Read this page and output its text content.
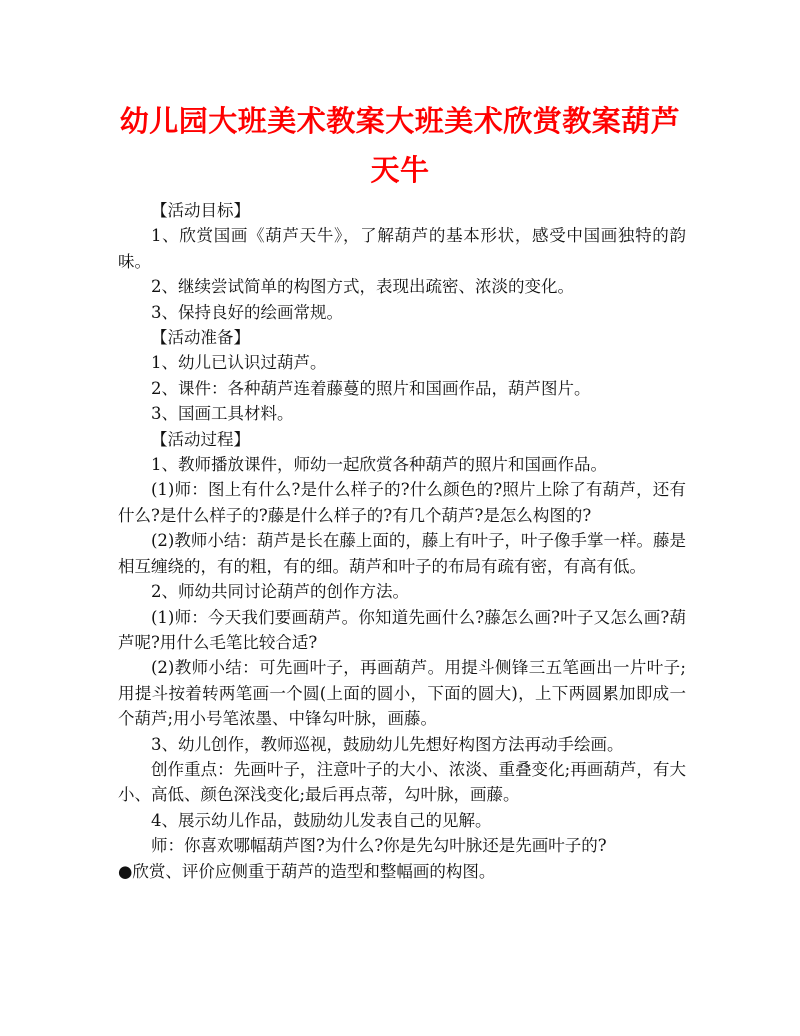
幼儿园大班美术教案大班美术欣赏教案葫芦
天牛

【活动目标】

1、欣赏国画《葫芦天牛》，了解葫芦的基本形状，感受中国画独特的韵味。

2、继续尝试简单的构图方式，表现出疏密、浓淡的变化。

3、保持良好的绘画常规。

【活动准备】

1、幼儿已认识过葫芦。

2、课件：各种葫芦连着藤蔓的照片和国画作品，葫芦图片。

3、国画工具材料。

【活动过程】

1、教师播放课件，师幼一起欣赏各种葫芦的照片和国画作品。

(1)师：图上有什么?是什么样子的?什么颜色的?照片上除了有葫芦，还有什么?是什么样子的?藤是什么样子的?有几个葫芦?是怎么构图的?

(2)教师小结：葫芦是长在藤上面的，藤上有叶子，叶子像手掌一样。藤是相互缠绕的，有的粗，有的细。葫芦和叶子的布局有疏有密，有高有低。

2、师幼共同讨论葫芦的创作方法。

(1)师：今天我们要画葫芦。你知道先画什么?藤怎么画?叶子又怎么画?葫芦呢?用什么毛笔比较合适?

(2)教师小结：可先画叶子，再画葫芦。用提斗侧锋三五笔画出一片叶子;用提斗按着转两笔画一个圆(上面的圆小，下面的圆大)，上下两圆累加即成一个葫芦;用小号笔浓墨、中锋勾叶脉，画藤。

3、幼儿创作，教师巡视，鼓励幼儿先想好构图方法再动手绘画。

创作重点：先画叶子，注意叶子的大小、浓淡、重叠变化;再画葫芦，有大小、高低、颜色深浅变化;最后再点蒂，勾叶脉，画藤。

4、展示幼儿作品，鼓励幼儿发表自己的见解。

师：你喜欢哪幅葫芦图?为什么?你是先勾叶脉还是先画叶子的?

●欣赏、评价应侧重于葫芦的造型和整幅画的构图。
